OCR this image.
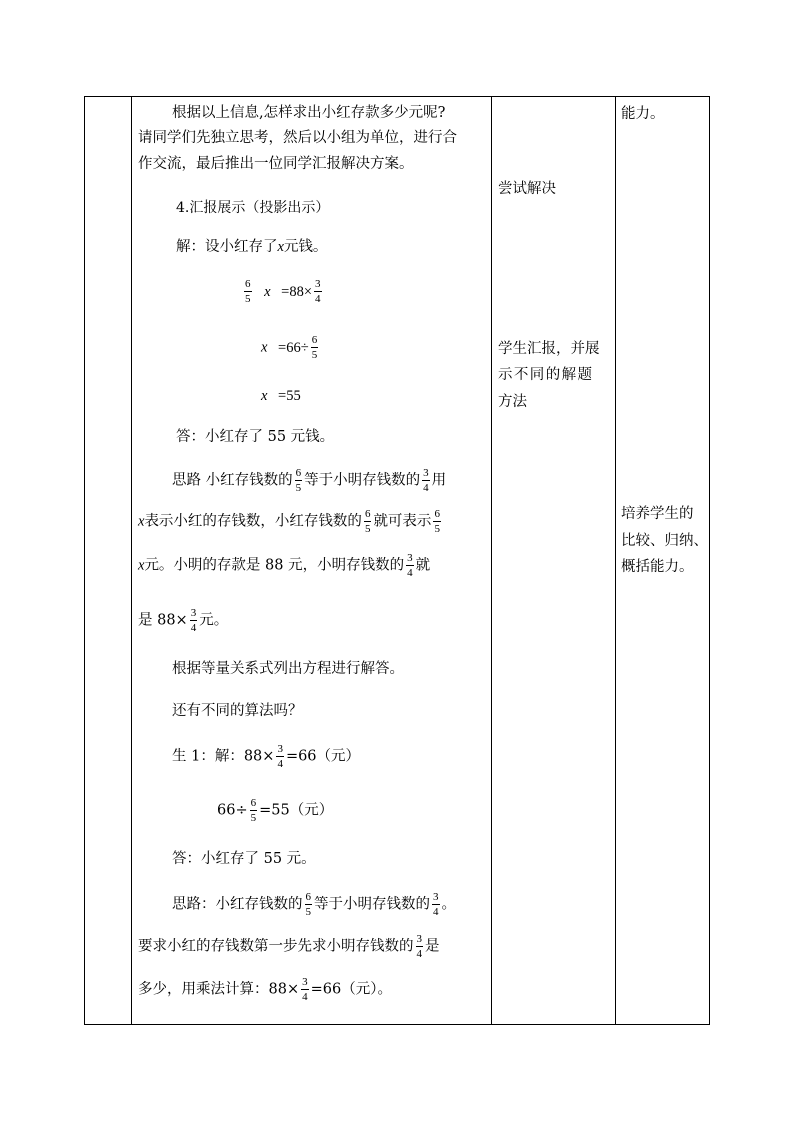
根据以上信息,怎样求出小红存款多少元呢?
请同学们先独立思考，然后以小组为单位，进行合
作交流，最后推出一位同学汇报解决方案。
4.汇报展示（投影出示）
解：设小红存了x元钱。
$\frac{6}{5}$ $x =88\times \frac{3}{4}$
$x =66\div \frac{6}{5}$
x =55
答：小红存了 55 元钱。
思路 小红存钱数的 $\frac{6}{5}$ 等于小明存钱数的 $\frac{3}{4}$ 用
x表示小红的存钱数，小红存钱数的 $\frac{6}{5}$ 就可表示 $\frac{6}{5}$
x元。小明的存款是 88 元，小明存钱数的 $\frac{3}{4}$ 就
是 $88\times \frac{3}{4}$ 元。
根据等量关系式列出方程进行解答。
还有不同的算法吗？
生 1：解：$88\times \frac{3}{4} =66$（元）
$66\div \frac{6}{5} =55$（元）
答：小红存了 55 元。
思路：小红存钱数的 $\frac{6}{5}$ 等于小明存钱数的 $\frac{3}{4}$ 。
要求小红的存钱数第一步先求小明存钱数的 $\frac{3}{4}$ 是
多少，用乘法计算：$88\times \frac{3}{4} =66$（元）。
尝试解决
学生汇报，并展
示不同的解题
方法
能力。
培养学生的
比较、归纳、
概括能力。
